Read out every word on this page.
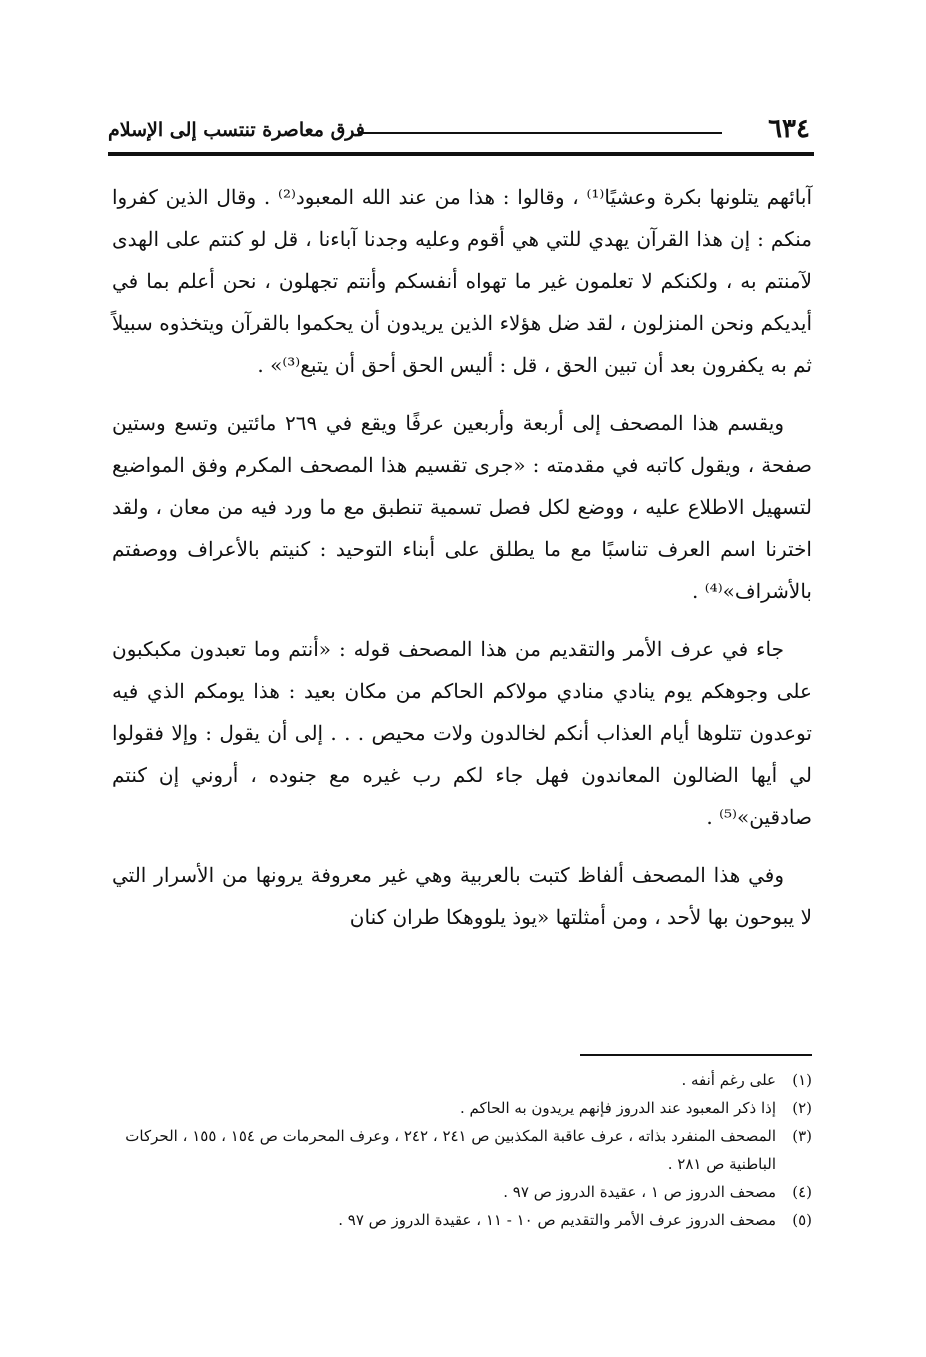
٦٣٤
فرق معاصرة تنتسب إلى الإسلام

آبائهم يتلونها بكرة وعشيًا⁽¹⁾ ، وقالوا : هذا من عند الله المعبود⁽²⁾ . وقال الذين كفروا منكم : إن هذا القرآن يهدي للتي هي أقوم وعليه وجدنا آباءنا ، قل لو كنتم على الهدى لآمنتم به ، ولكنكم لا تعلمون غير ما تهواه أنفسكم وأنتم تجهلون ، نحن أعلم بما في أيديكم ونحن المنزلون ، لقد ضل هؤلاء الذين يريدون أن يحكموا بالقرآن ويتخذوه سبيلاً ثم به يكفرون بعد أن تبين الحق ، قل : أليس الحق أحق أن يتبع⁽³⁾» .

ويقسم هذا المصحف إلى أربعة وأربعين عرفًا ويقع في ٢٦٩ مائتين وتسع وستين صفحة ، ويقول كاتبه في مقدمته : «جرى تقسيم هذا المصحف المكرم وفق المواضيع لتسهيل الاطلاع عليه ، ووضع لكل فصل تسمية تنطبق مع ما ورد فيه من معان ، ولقد اخترنا اسم العرف تناسبًا مع ما يطلق على أبناء التوحيد : كنيتم بالأعراف ووصفتم بالأشراف»⁽⁴⁾ .

جاء في عرف الأمر والتقديم من هذا المصحف قوله : «أنتم وما تعبدون مكبكبون على وجوهكم يوم ينادي منادي مولاكم الحاكم من مكان بعيد : هذا يومكم الذي فيه توعدون تتلوها أيام العذاب أنكم لخالدون ولات محيص . . . إلى أن يقول : وإلا فقولوا لي أيها الضالون المعاندون فهل جاء لكم رب غيره مع جنوده ، أروني إن كنتم صادقين»⁽⁵⁾ .

وفي هذا المصحف ألفاظ كتبت بالعربية وهي غير معروفة يرونها من الأسرار التي لا يبوحون بها لأحد ، ومن أمثلتها «يوذ يلووهكا طران كنان

(١)
على رغم أنفه .
(٢)
إذا ذكر المعبود عند الدروز فإنهم يريدون به الحاكم .
(٣)
المصحف المنفرد بذاته ، عرف عاقبة المكذبين ص ٢٤١ ، ٢٤٢ ، وعرف المحرمات ص ١٥٤ ، ١٥٥ ، الحركات الباطنية ص ٢٨١ .
(٤)
مصحف الدروز ص ١ ، عقيدة الدروز ص ٩٧ .
(٥)
مصحف الدروز عرف الأمر والتقديم ص ١٠ - ١١ ، عقيدة الدروز ص ٩٧ .
